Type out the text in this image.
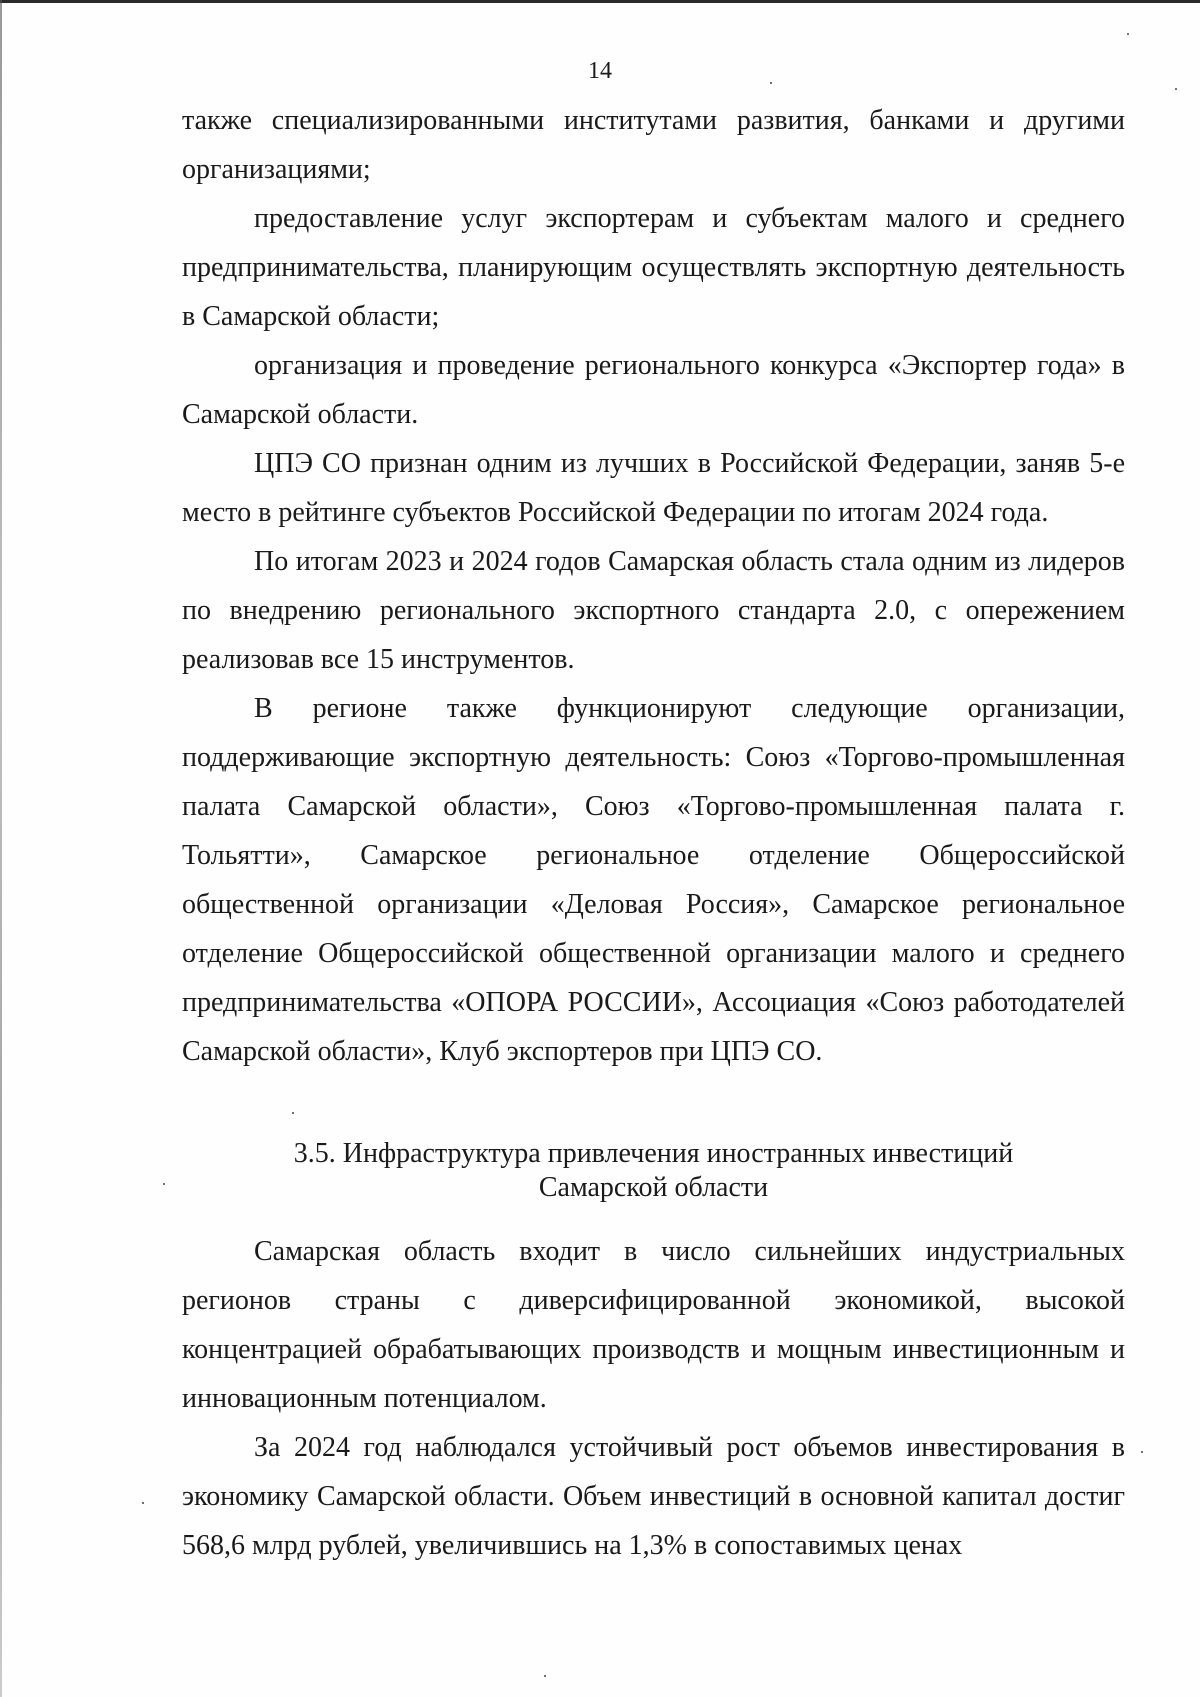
14

также специализированными институтами развития, банками и другими организациями;

предоставление услуг экспортерам и субъектам малого и среднего предпринимательства, планирующим осуществлять экспортную деятельность в Самарской области;

организация и проведение регионального конкурса «Экспортер года» в Самарской области.

ЦПЭ СО признан одним из лучших в Российской Федерации, заняв 5-е место в рейтинге субъектов Российской Федерации по итогам 2024 года.

По итогам 2023 и 2024 годов Самарская область стала одним из лидеров по внедрению регионального экспортного стандарта 2.0, с опережением реализовав все 15 инструментов.

В регионе также функционируют следующие организации, поддерживающие экспортную деятельность: Союз «Торгово-промышленная палата Самарской области», Союз «Торгово-промышленная палата г. Тольятти», Самарское региональное отделение Общероссийской общественной организации «Деловая Россия», Самарское региональное отделение Общероссийской общественной организации малого и среднего предпринимательства «ОПОРА РОССИИ», Ассоциация «Союз работодателей Самарской области», Клуб экспортеров при ЦПЭ СО.

3.5. Инфраструктура привлечения иностранных инвестиций
Самарской области

Самарская область входит в число сильнейших индустриальных регионов страны с диверсифицированной экономикой, высокой концентрацией обрабатывающих производств и мощным инвестиционным и инновационным потенциалом.

За 2024 год наблюдался устойчивый рост объемов инвестирования в экономику Самарской области. Объем инвестиций в основной капитал достиг 568,6 млрд рублей, увеличившись на 1,3% в сопоставимых ценах
